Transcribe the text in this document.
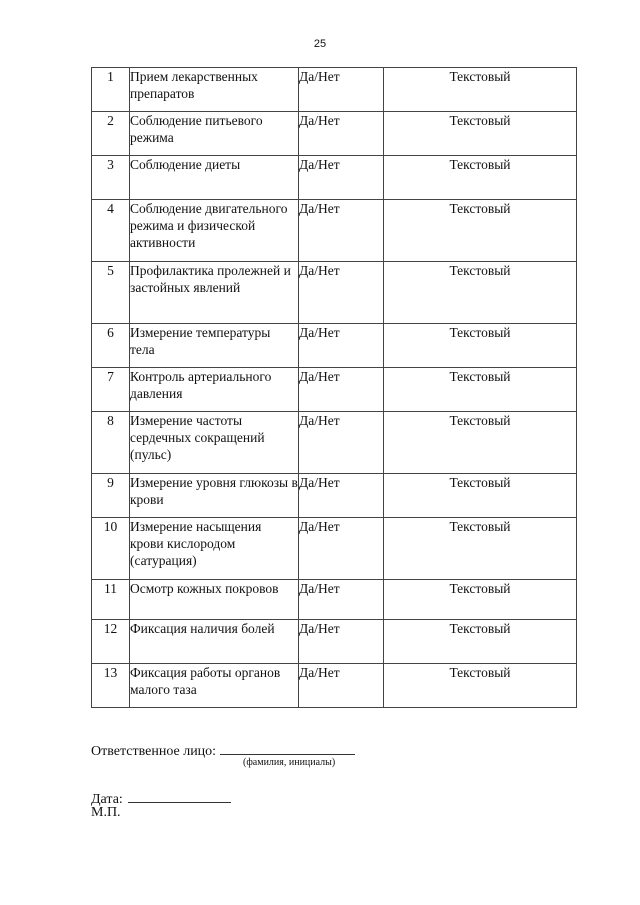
25
1	Прием лекарственных препаратов	Да/Нет	Текстовый
2	Соблюдение питьевого режима	Да/Нет	Текстовый
3	Соблюдение диеты	Да/Нет	Текстовый
4	Соблюдение двигательного режима и физической активности	Да/Нет	Текстовый
5	Профилактика пролежней и застойных явлений	Да/Нет	Текстовый
6	Измерение температуры тела	Да/Нет	Текстовый
7	Контроль артериального давления	Да/Нет	Текстовый
8	Измерение частоты сердечных сокращений (пульс)	Да/Нет	Текстовый
9	Измерение уровня глюкозы в крови	Да/Нет	Текстовый
10	Измерение насыщения крови кислородом (сатурация)	Да/Нет	Текстовый
11	Осмотр кожных покровов	Да/Нет	Текстовый
12	Фиксация наличия болей	Да/Нет	Текстовый
13	Фиксация работы органов малого таза	Да/Нет	Текстовый
Ответственное лицо:
(фамилия, инициалы)
Дата:
М.П.
